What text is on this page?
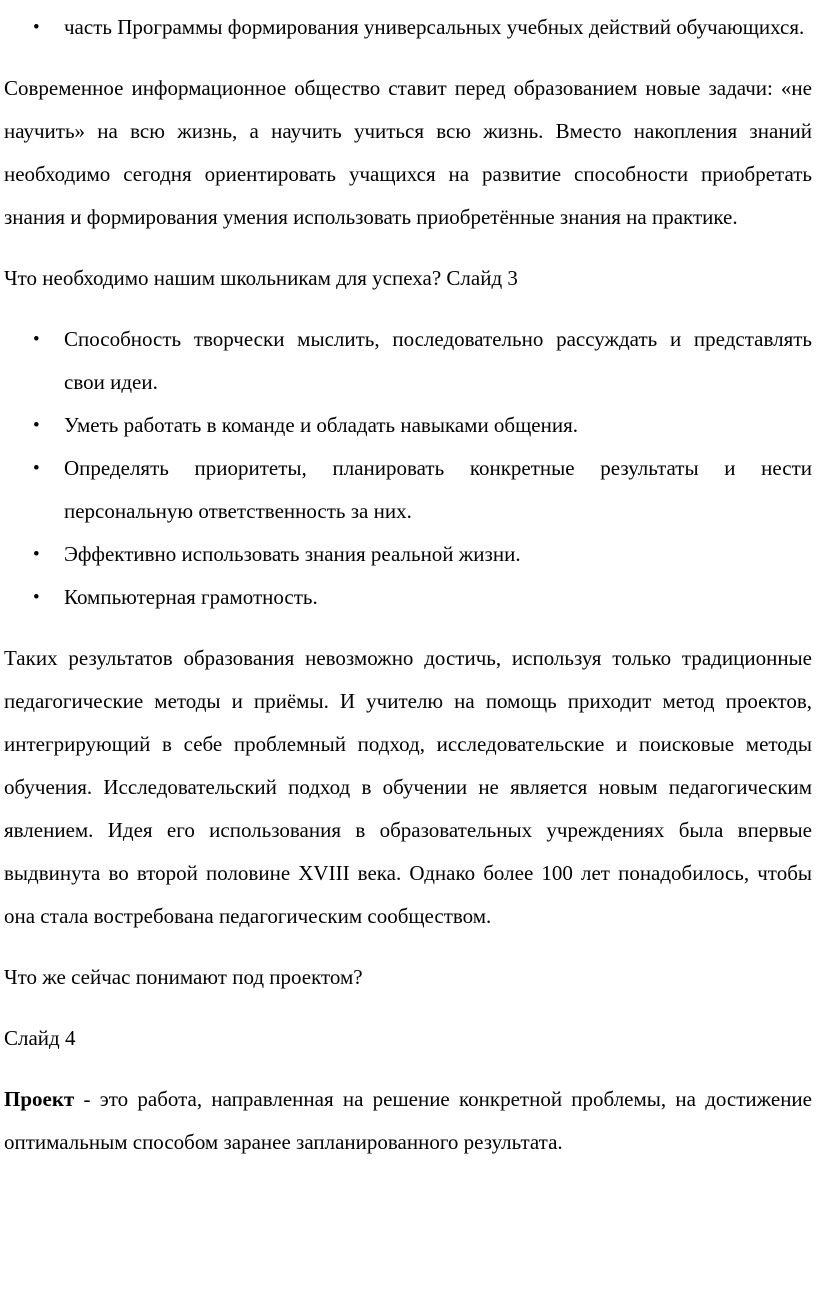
• часть Программы формирования универсальных учебных действий обучающихся.

Современное информационное общество ставит перед образованием новые задачи: «не научить» на всю жизнь, а научить учиться всю жизнь. Вместо накопления знаний необходимо сегодня ориентировать учащихся на развитие способности приобретать знания и формирования умения использовать приобретённые знания на практике.

Что необходимо нашим школьникам для успеха? Слайд 3

• Способность творчески мыслить, последовательно рассуждать и представлять свои идеи.
• Уметь работать в команде и обладать навыками общения.
• Определять приоритеты, планировать конкретные результаты и нести персональную ответственность за них.
• Эффективно использовать знания реальной жизни.
• Компьютерная грамотность.

Таких результатов образования невозможно достичь, используя только традиционные педагогические методы и приёмы. И учителю на помощь приходит метод проектов, интегрирующий в себе проблемный подход, исследовательские и поисковые методы обучения. Исследовательский подход в обучении не является новым педагогическим явлением. Идея его использования в образовательных учреждениях была впервые выдвинута во второй половине XVIII века. Однако более 100 лет понадобилось, чтобы она стала востребована педагогическим сообществом.

Что же сейчас понимают под проектом?

Слайд 4

Проект - это работа, направленная на решение конкретной проблемы, на достижение оптимальным способом заранее запланированного результата.
